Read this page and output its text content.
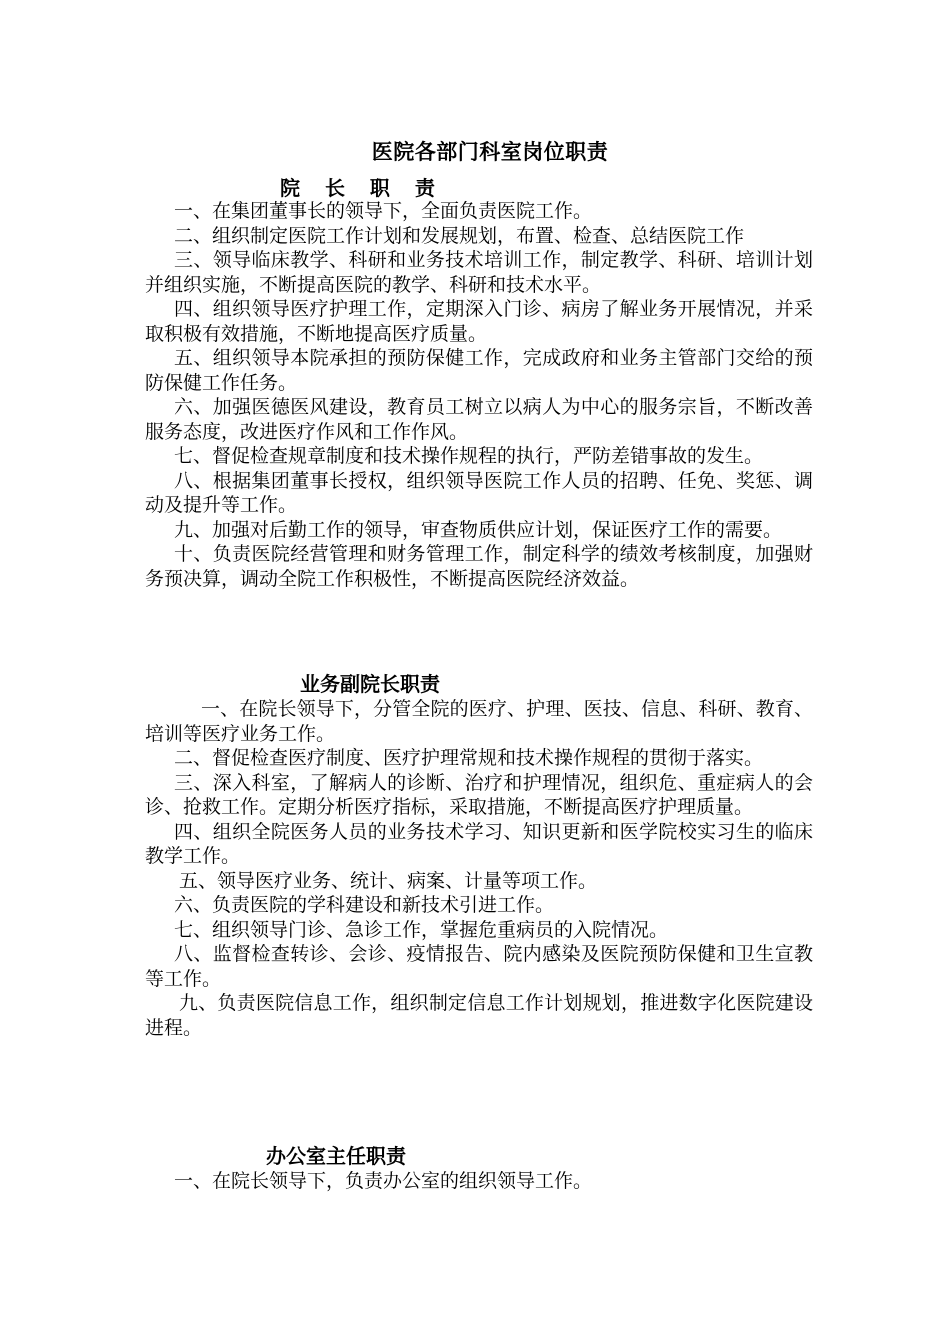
医院各部门科室岗位职责
院 长 职 责

一、在集团董事长的领导下，全面负责医院工作。

二、组织制定医院工作计划和发展规划，布置、检查、总结医院工作

三、领导临床教学、科研和业务技术培训工作，制定教学、科研、培训计划并组织实施，不断提高医院的教学、科研和技术水平。

四、组织领导医疗护理工作，定期深入门诊、病房了解业务开展情况，并采取积极有效措施，不断地提高医疗质量。

五、组织领导本院承担的预防保健工作，完成政府和业务主管部门交给的预防保健工作任务。

六、加强医德医风建设，教育员工树立以病人为中心的服务宗旨，不断改善服务态度，改进医疗作风和工作作风。

七、督促检查规章制度和技术操作规程的执行，严防差错事故的发生。

八、根据集团董事长授权，组织领导医院工作人员的招聘、任免、奖惩、调动及提升等工作。

九、加强对后勤工作的领导，审查物质供应计划，保证医疗工作的需要。

十、负责医院经营管理和财务管理工作，制定科学的绩效考核制度，加强财务预决算，调动全院工作积极性，不断提高医院经济效益。

业务副院长职责

一、在院长领导下，分管全院的医疗、护理、医技、信息、科研、教育、培训等医疗业务工作。

二、督促检查医疗制度、医疗护理常规和技术操作规程的贯彻于落实。

三、深入科室，了解病人的诊断、治疗和护理情况，组织危、重症病人的会诊、抢救工作。定期分析医疗指标，采取措施，不断提高医疗护理质量。

四、组织全院医务人员的业务技术学习、知识更新和医学院校实习生的临床教学工作。

五、领导医疗业务、统计、病案、计量等项工作。

六、负责医院的学科建设和新技术引进工作。

七、组织领导门诊、急诊工作，掌握危重病员的入院情况。

八、监督检查转诊、会诊、疫情报告、院内感染及医院预防保健和卫生宣教等工作。

九、负责医院信息工作，组织制定信息工作计划规划，推进数字化医院建设进程。

办公室主任职责

一、在院长领导下，负责办公室的组织领导工作。
